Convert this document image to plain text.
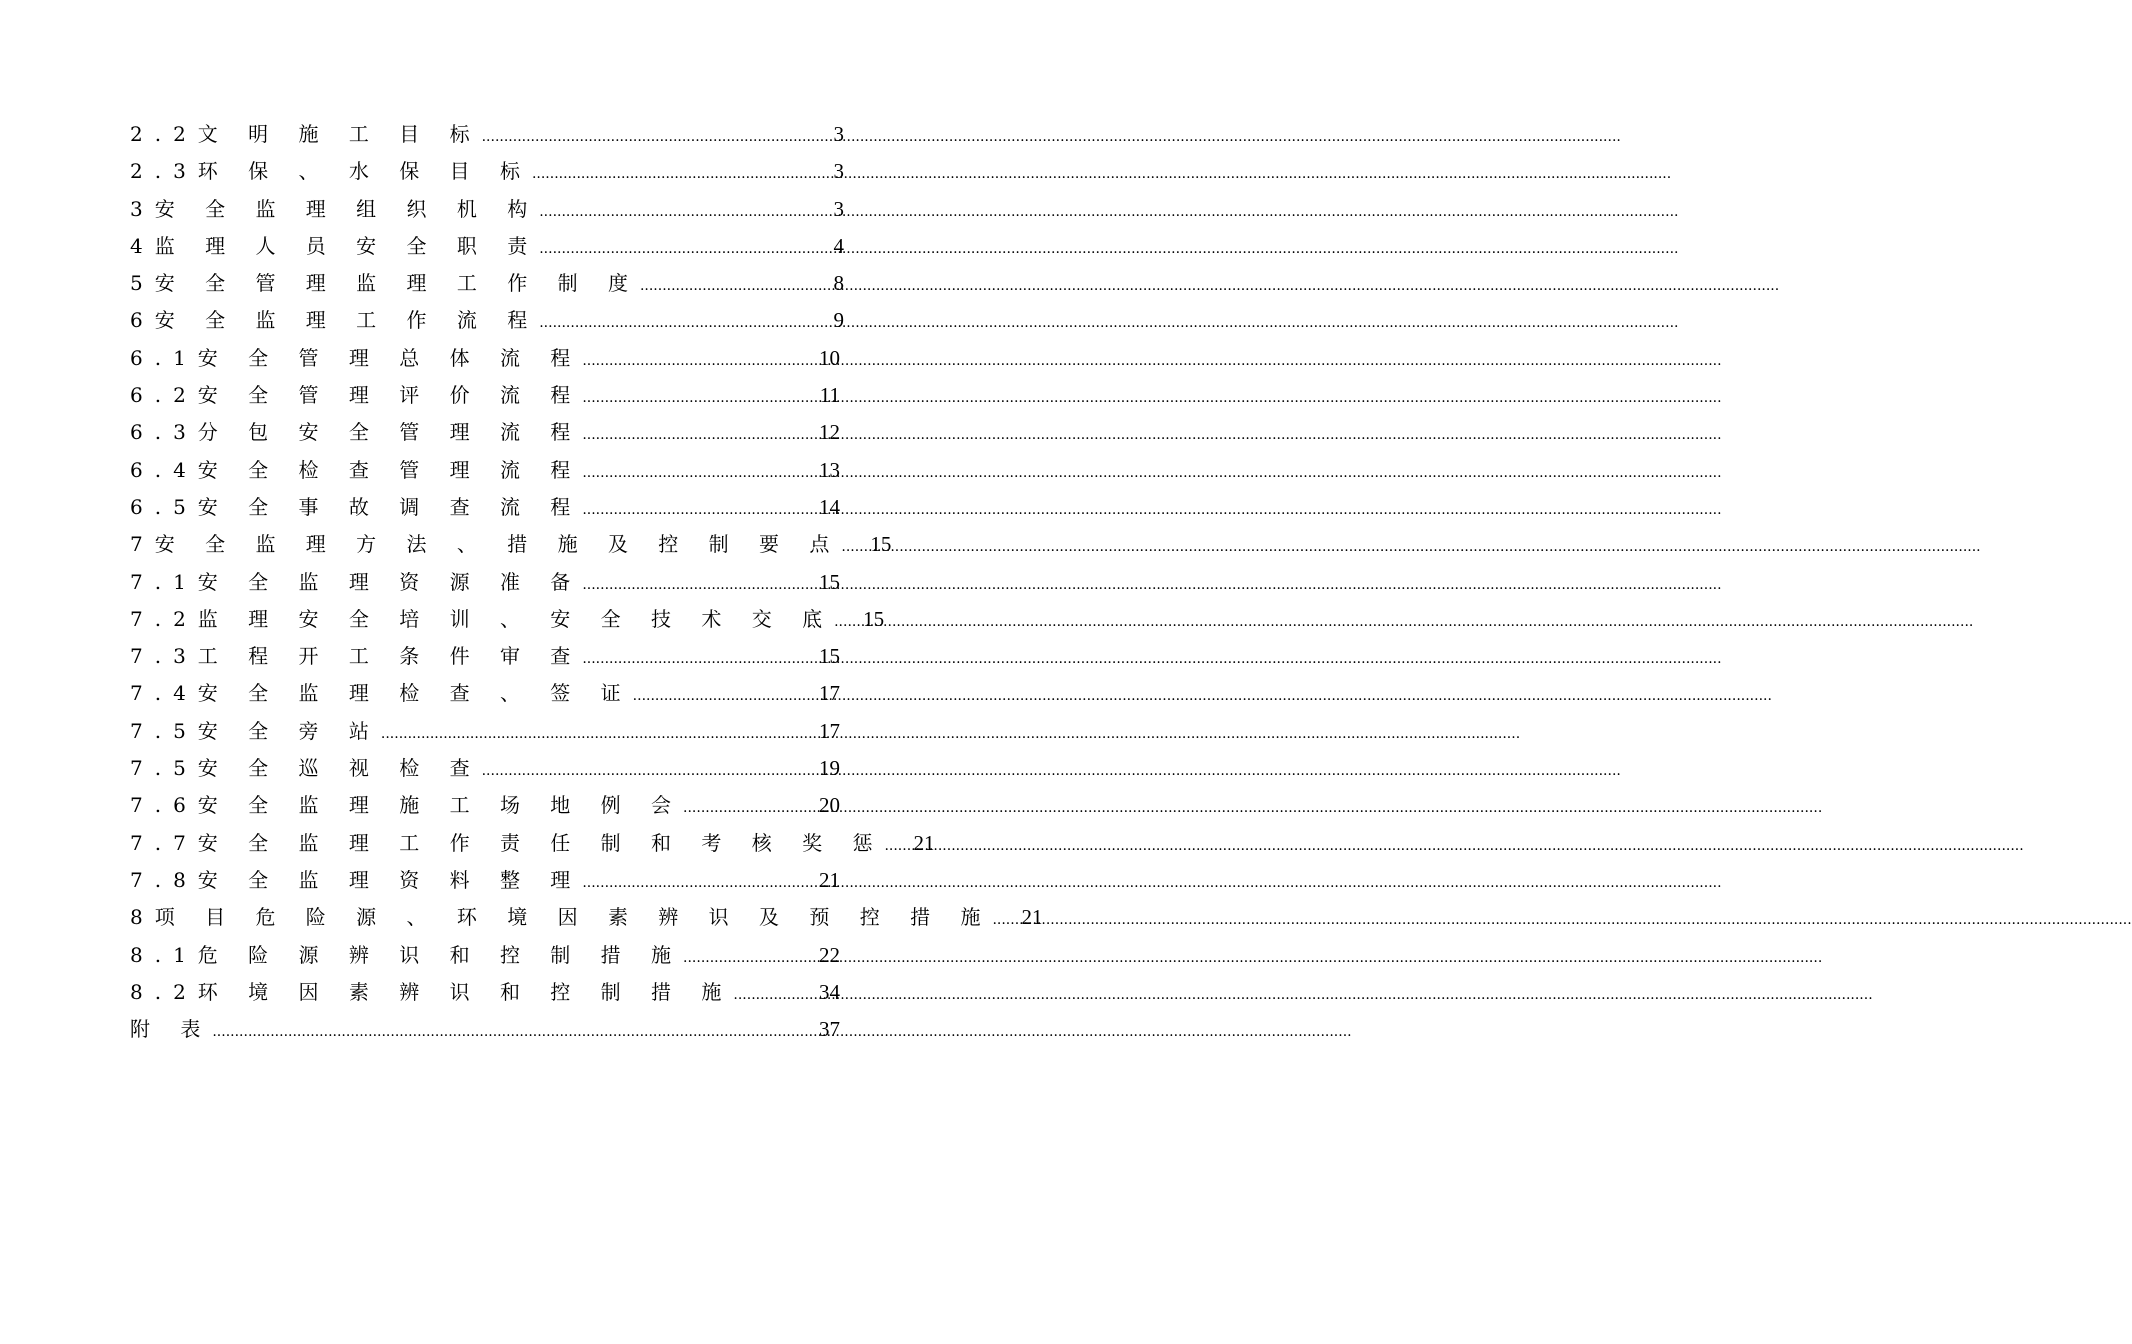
2.2文 明 施 工 目 标 .....	3
2.3环 保 、 水 保 目 标 .....	3
3安 全 监 理 组 织 机 构 .....	3
4监 理 人 员 安 全 职 责 .....	4
5安 全 管 理 监 理 工 作 制 度 .....	8
6安 全 监 理 工 作 流 程 .....	9
6.1安 全 管 理 总 体 流 程 .....	10
6.2安 全 管 理 评 价 流 程 .....	11
6.3分 包 安 全 管 理 流 程 .....	12
6.4安 全 检 查 管 理 流 程 .....	13
6.5安 全 事 故 调 查 流 程 .....	14
7安 全 监 理 方 法 、 措 施 及 控 制 要 点 ..... 15
7.1安 全 监 理 资 源 准 备 .....	15
7.2监 理 安 全 培 训 、 安 全 技 术 交 底 ..... 15
7.3工 程 开 工 条 件 审 查 .....	15
7.4安 全 监 理 检 查 、 签 证 .....	17
7.5安 全 旁 站 .....	17
7.5安 全 巡 视 检 查 .....	19
7.6安 全 监 理 施 工 场 地 例 会 .....	20
7.7安 全 监 理 工 作 责 任 制 和 考 核 奖 惩 ..... 21
7.8安 全 监 理 资 料 整 理 .....	21
8项 目 危 险 源 、 环 境 因 素 辨 识 及 预 控 措 施 ..... 21
8.1危 险 源 辨 识 和 控 制 措 施 .....	22
8.2环 境 因 素 辨 识 和 控 制 措 施 .....	34
附 表 .....	37
